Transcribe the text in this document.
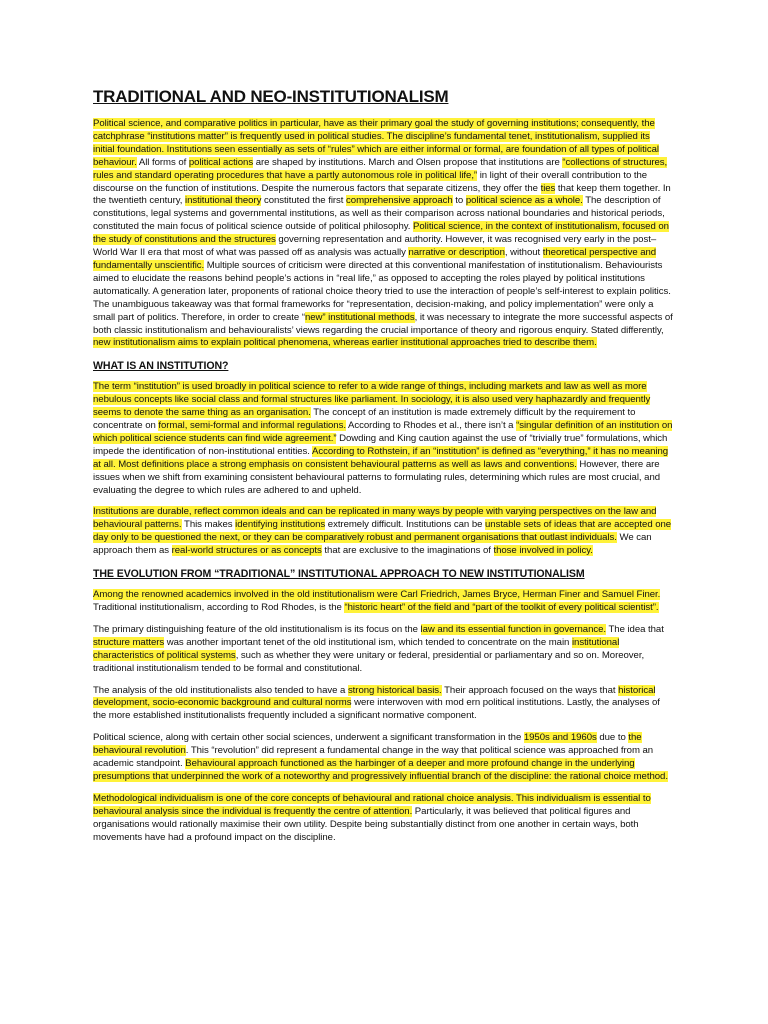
TRADITIONAL AND NEO-INSTITUTIONALISM

Political science, and comparative politics in particular, have as their primary goal the study of governing institutions; consequently, the catchphrase “institutions matter” is frequently used in political studies. The discipline’s fundamental tenet, institutionalism, supplied its initial foundation. Institutions seen essentially as sets of “rules” which are either informal or formal, are foundation of all types of political behaviour. All forms of political actions are shaped by institutions. March and Olsen propose that institutions are “collections of structures, rules and standard operating procedures that have a partly autonomous role in political life,” in light of their overall contribution to the discourse on the function of institutions. Despite the numerous factors that separate citizens, they offer the ties that keep them together. In the twentieth century, institutional theory constituted the first comprehensive approach to political science as a whole. The description of constitutions, legal systems and governmental institutions, as well as their comparison across national boundaries and historical periods, constituted the main focus of political science outside of political philosophy. Political science, in the context of institutionalism, focused on the study of constitutions and the structures governing representation and authority. However, it was recognised very early in the post–World War II era that most of what was passed off as analysis was actually narrative or description, without theoretical perspective and fundamentally unscientific. Multiple sources of criticism were directed at this conventional manifestation of institutionalism. Behaviourists aimed to elucidate the reasons behind people’s actions in “real life,” as opposed to accepting the roles played by political institutions automatically. A generation later, proponents of rational choice theory tried to use the interaction of people’s self-interest to explain politics. The unambiguous takeaway was that formal frameworks for “representation, decision-making, and policy implementation” were only a small part of politics. Therefore, in order to create “new” institutional methods, it was necessary to integrate the more successful aspects of both classic institutionalism and behaviouralists’ views regarding the crucial importance of theory and rigorous enquiry. Stated differently, new institutionalism aims to explain political phenomena, whereas earlier institutional approaches tried to describe them.

WHAT IS AN INSTITUTION?

The term “institution” is used broadly in political science to refer to a wide range of things, including markets and law as well as more nebulous concepts like social class and formal structures like parliament. In sociology, it is also used very haphazardly and frequently seems to denote the same thing as an organisation. The concept of an institution is made extremely difficult by the requirement to concentrate on formal, semi-formal and informal regulations. According to Rhodes et al., there isn’t a “singular definition of an institution on which political science students can find wide agreement.” Dowding and King caution against the use of “trivially true” formulations, which impede the identification of non-institutional entities. According to Rothstein, if an “institution” is defined as “everything,” it has no meaning at all. Most definitions place a strong emphasis on consistent behavioural patterns as well as laws and conventions. However, there are issues when we shift from examining consistent behavioural patterns to formulating rules, determining which rules are most crucial, and evaluating the degree to which rules are adhered to and upheld.

Institutions are durable, reflect common ideals and can be replicated in many ways by people with varying perspectives on the law and behavioural patterns. This makes identifying institutions extremely difficult. Institutions can be unstable sets of ideas that are accepted one day only to be questioned the next, or they can be comparatively robust and permanent organisations that outlast individuals. We can approach them as real-world structures or as concepts that are exclusive to the imaginations of those involved in policy.

THE EVOLUTION FROM “TRADITIONAL” INSTITUTIONAL APPROACH TO NEW INSTITUTIONALISM

Among the renowned academics involved in the old institutionalism were Carl Friedrich, James Bryce, Herman Finer and Samuel Finer. Traditional institutionalism, according to Rod Rhodes, is the “historic heart” of the field and “part of the toolkit of every political scientist”.

The primary distinguishing feature of the old institutionalism is its focus on the law and its essential function in governance. The idea that structure matters was another important tenet of the old institutional ism, which tended to concentrate on the main institutional characteristics of political systems, such as whether they were unitary or federal, presidential or parliamentary and so on. Moreover, traditional institutionalism tended to be formal and constitutional.

The analysis of the old institutionalists also tended to have a strong historical basis. Their approach focused on the ways that historical development, socio-economic background and cultural norms were interwoven with mod ern political institutions. Lastly, the analyses of the more established institutionalists frequently included a significant normative component.

Political science, along with certain other social sciences, underwent a significant transformation in the 1950s and 1960s due to the behavioural revolution. This “revolution” did represent a fundamental change in the way that political science was approached from an academic standpoint. Behavioural approach functioned as the harbinger of a deeper and more profound change in the underlying presumptions that underpinned the work of a noteworthy and progressively influential branch of the discipline: the rational choice method.

Methodological individualism is one of the core concepts of behavioural and rational choice analysis. This individualism is essential to behavioural analysis since the individual is frequently the centre of attention. Particularly, it was believed that political figures and organisations would rationally maximise their own utility. Despite being substantially distinct from one another in certain ways, both movements have had a profound impact on the discipline.
